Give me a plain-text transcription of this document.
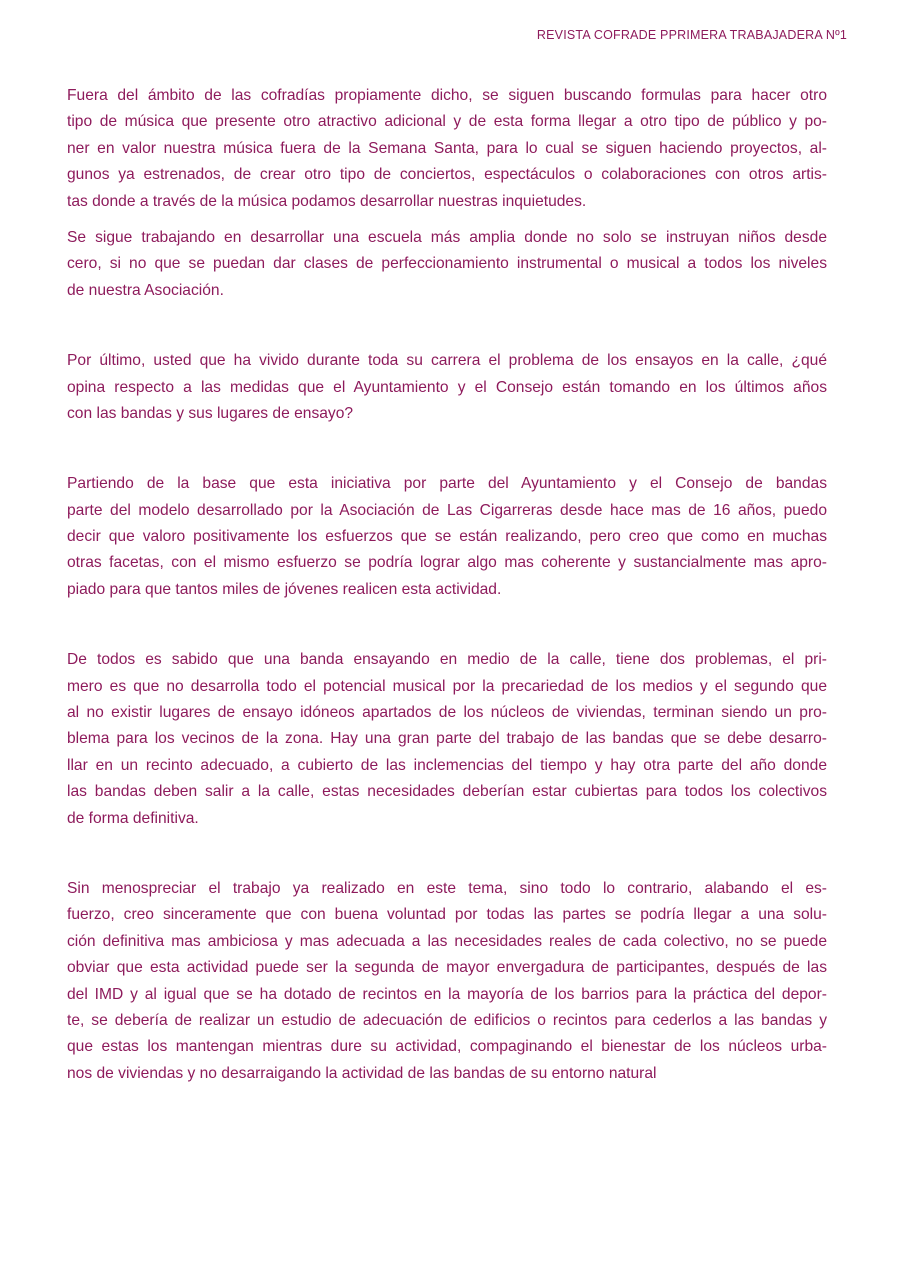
REVISTA COFRADE PPRIMERA TRABAJADERA Nº1
Fuera del ámbito de las cofradías propiamente dicho, se siguen buscando formulas para hacer otro
tipo de música que presente otro atractivo adicional y de esta forma llegar a otro tipo de público y po-
ner en valor nuestra música fuera de la Semana Santa, para lo cual se siguen haciendo proyectos, al-
gunos ya estrenados, de crear otro tipo de conciertos, espectáculos o colaboraciones con otros artis-
tas donde a través de la música podamos desarrollar nuestras inquietudes.
Se sigue trabajando en desarrollar una escuela más amplia donde no solo se instruyan niños desde
cero, si no que se puedan dar clases de perfeccionamiento instrumental o musical a todos los niveles
de nuestra Asociación.
Por último, usted que ha vivido durante toda su carrera el problema de los ensayos en la calle, ¿qué
opina respecto a las medidas que el Ayuntamiento y el Consejo están tomando en los últimos años
con las bandas y sus lugares de ensayo?
Partiendo de la base que esta iniciativa por parte del Ayuntamiento y el Consejo de bandas
parte del modelo desarrollado por la Asociación de Las Cigarreras desde hace mas de 16 años, puedo
decir que valoro positivamente los esfuerzos que se están realizando, pero creo que como en muchas
otras facetas, con el mismo esfuerzo se podría lograr algo mas coherente y sustancialmente mas apro-
piado para que tantos miles de jóvenes realicen esta actividad.
De todos es sabido que una banda ensayando en medio de la calle, tiene dos problemas, el pri-
mero es que no desarrolla todo el potencial musical por la precariedad de los medios y el segundo que
al no existir lugares de ensayo idóneos apartados de los núcleos de viviendas, terminan siendo un pro-
blema para los vecinos de la zona. Hay una gran parte del trabajo de las bandas que se debe desarro-
llar en un recinto adecuado, a cubierto de las inclemencias del tiempo y hay otra parte del año donde
las bandas deben salir a la calle, estas necesidades deberían estar cubiertas para todos los colectivos
de forma definitiva.
Sin menospreciar el trabajo ya realizado en este tema, sino todo lo contrario, alabando el es-
fuerzo, creo sinceramente que con buena voluntad por todas las partes se podría llegar a una solu-
ción definitiva mas ambiciosa y mas adecuada a las necesidades reales de cada colectivo, no se puede
obviar que esta actividad puede ser la segunda de mayor envergadura de participantes, después de las
del IMD y al igual que se ha dotado de recintos en la mayoría de los barrios para la práctica del depor-
te, se debería de realizar un estudio de adecuación de edificios o recintos para cederlos a las bandas y
que estas los mantengan mientras dure su actividad, compaginando el bienestar de los núcleos urba-
nos de viviendas y no desarraigando la actividad de las bandas de su entorno natural
